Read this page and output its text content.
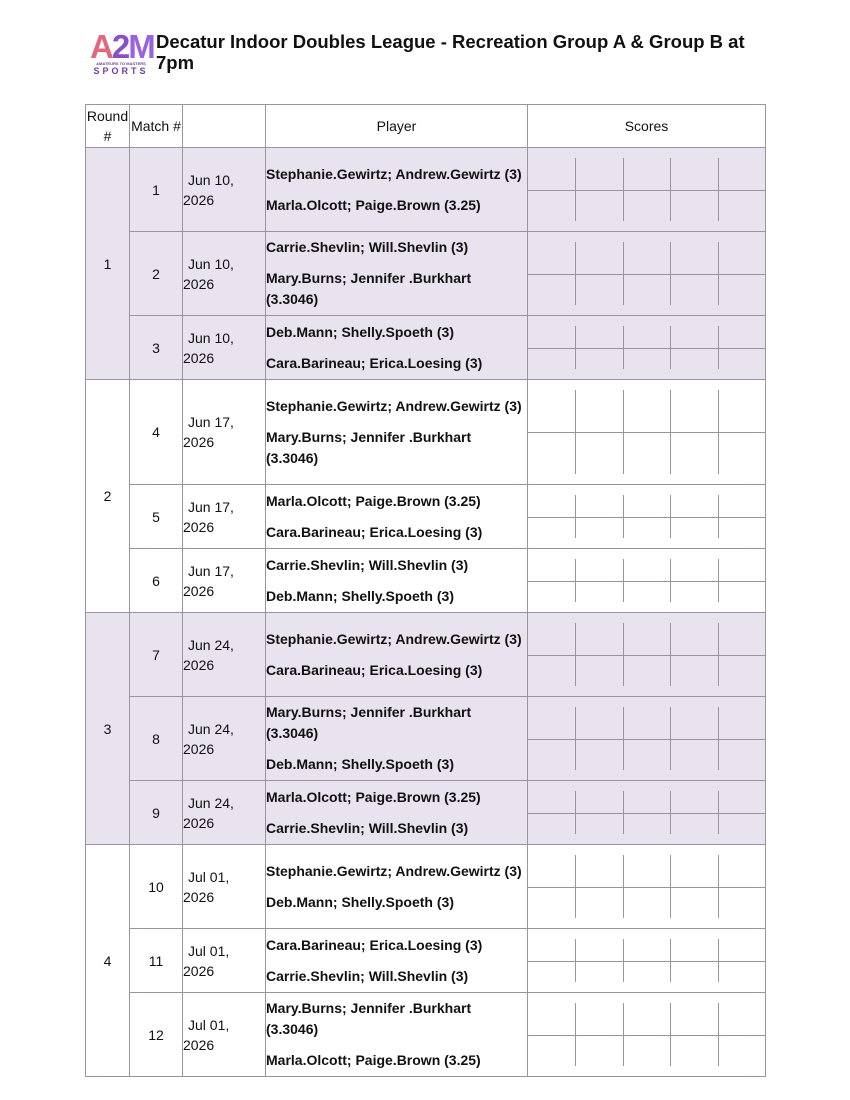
A2M
AMATEURS TO MASTERS
SPORTS
Decatur Indoor Doubles League - Recreation Group A & Group B at 7pm
Round #	Match #		Player	Scores
1	1	Jun 10,
2026	Stephanie.Gewirtz; Andrew.Gewirtz (3)
Marla.Olcott; Paige.Brown (3.25)	

	2	Jun 10,
2026	Carrie.Shevlin; Will.Shevlin (3)
Mary.Burns; Jennifer .Burkhart (3.3046)	

	3	Jun 10,
2026	Deb.Mann; Shelly.Spoeth (3)
Cara.Barineau; Erica.Loesing (3)	

2	4	Jun 17,
2026	Stephanie.Gewirtz; Andrew.Gewirtz (3)
Mary.Burns; Jennifer .Burkhart (3.3046)	

	5	Jun 17,
2026	Marla.Olcott; Paige.Brown (3.25)
Cara.Barineau; Erica.Loesing (3)	

	6	Jun 17,
2026	Carrie.Shevlin; Will.Shevlin (3)
Deb.Mann; Shelly.Spoeth (3)	

3	7	Jun 24,
2026	Stephanie.Gewirtz; Andrew.Gewirtz (3)
Cara.Barineau; Erica.Loesing (3)	

	8	Jun 24,
2026	Mary.Burns; Jennifer .Burkhart (3.3046)
Deb.Mann; Shelly.Spoeth (3)	

	9	Jun 24,
2026	Marla.Olcott; Paige.Brown (3.25)
Carrie.Shevlin; Will.Shevlin (3)	

4	10	Jul 01,
2026	Stephanie.Gewirtz; Andrew.Gewirtz (3)
Deb.Mann; Shelly.Spoeth (3)	

	11	Jul 01,
2026	Cara.Barineau; Erica.Loesing (3)
Carrie.Shevlin; Will.Shevlin (3)	

	12	Jul 01,
2026	Mary.Burns; Jennifer .Burkhart (3.3046)
Marla.Olcott; Paige.Brown (3.25)	
